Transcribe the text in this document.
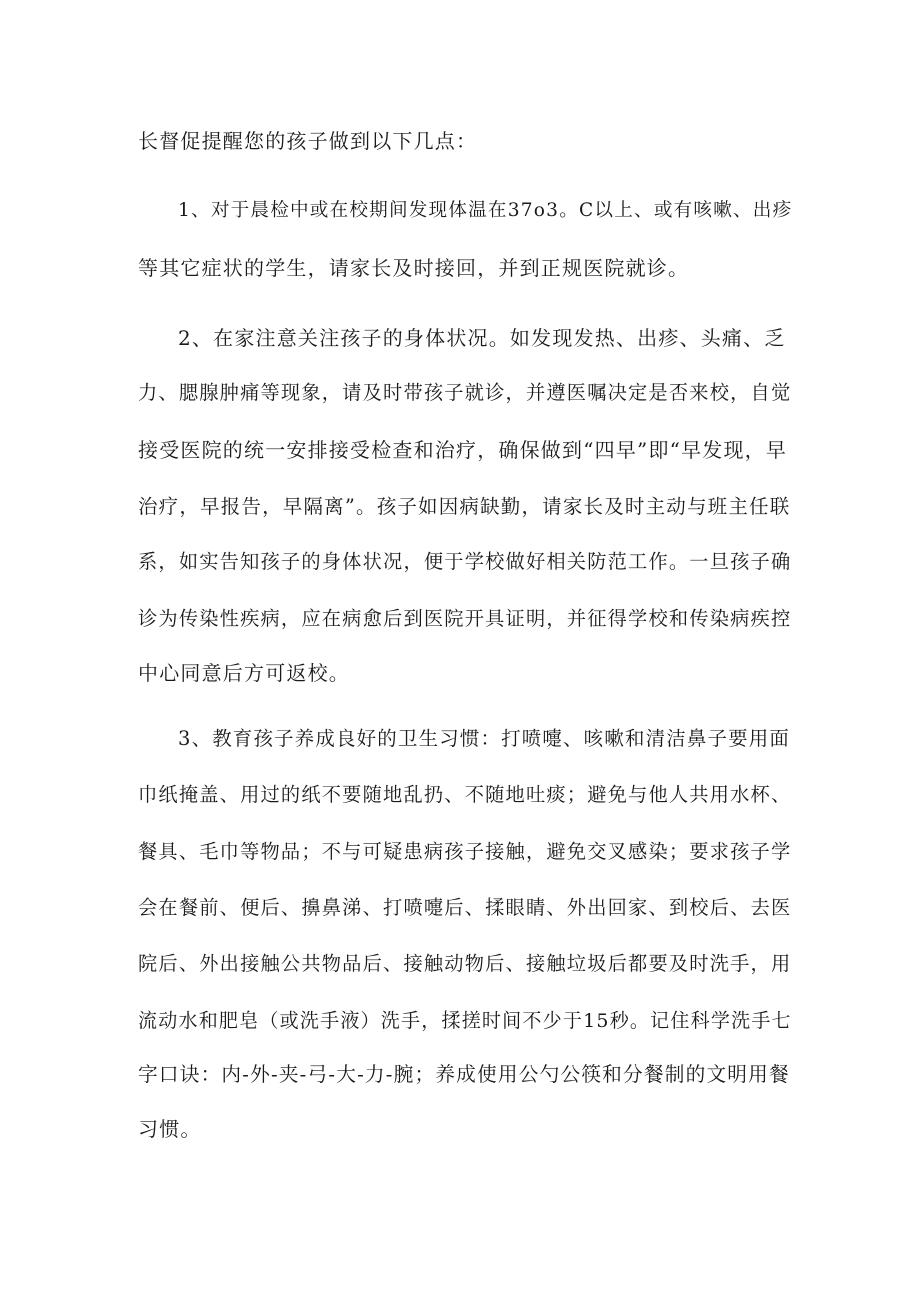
长督促提醒您的孩子做到以下几点：
1、对于晨检中或在校期间发现体温在37o3。C以上、或有咳嗽、出疹
等其它症状的学生，请家长及时接回，并到正规医院就诊。
2、在家注意关注孩子的身体状况。如发现发热、出疹、头痛、乏
力、腮腺肿痛等现象，请及时带孩子就诊，并遵医嘱决定是否来校，自觉
接受医院的统一安排接受检查和治疗，确保做到“四早”即“早发现，早
治疗，早报告，早隔离”。孩子如因病缺勤，请家长及时主动与班主任联
系，如实告知孩子的身体状况，便于学校做好相关防范工作。一旦孩子确
诊为传染性疾病，应在病愈后到医院开具证明，并征得学校和传染病疾控
中心同意后方可返校。
3、教育孩子养成良好的卫生习惯：打喷嚏、咳嗽和清洁鼻子要用面
巾纸掩盖、用过的纸不要随地乱扔、不随地吐痰；避免与他人共用水杯、
餐具、毛巾等物品；不与可疑患病孩子接触，避免交叉感染；要求孩子学
会在餐前、便后、擤鼻涕、打喷嚏后、揉眼睛、外出回家、到校后、去医
院后、外出接触公共物品后、接触动物后、接触垃圾后都要及时洗手，用
流动水和肥皂（或洗手液）洗手，揉搓时间不少于15秒。记住科学洗手七
字口诀：内-外-夹-弓-大-力-腕；养成使用公勺公筷和分餐制的文明用餐
习惯。
